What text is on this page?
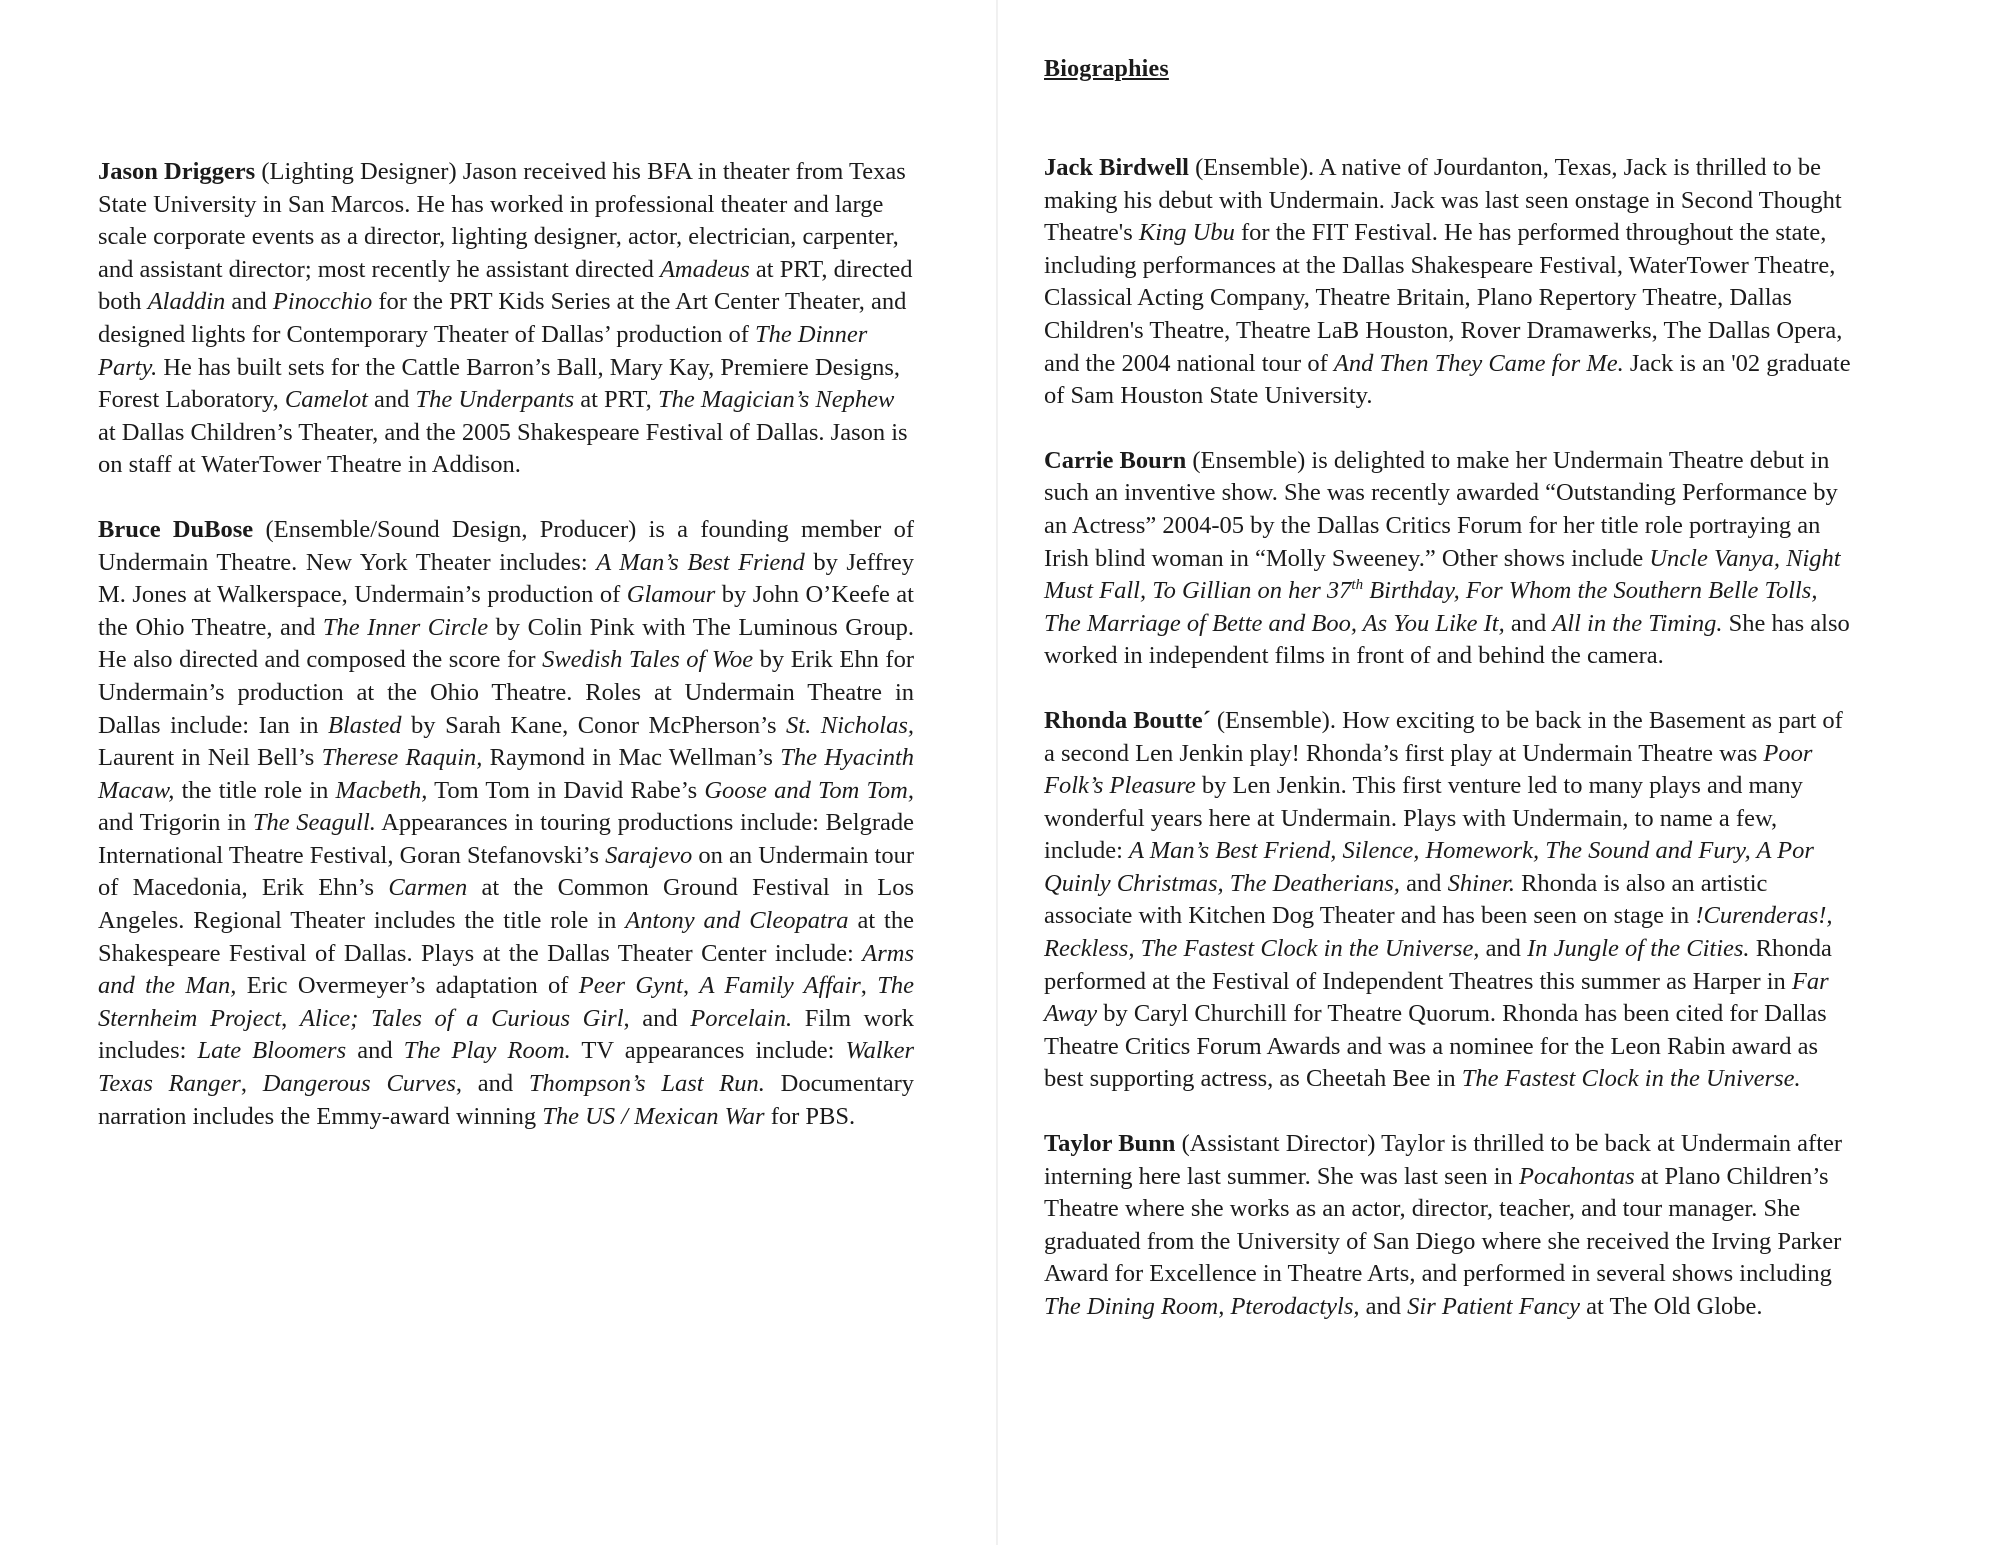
Biographies

Jason Driggers (Lighting Designer) Jason received his BFA in theater from Texas State University in San Marcos. He has worked in professional theater and large scale corporate events as a director, lighting designer, actor, electrician, carpenter, and assistant director; most recently he assistant directed Amadeus at PRT, directed both Aladdin and Pinocchio for the PRT Kids Series at the Art Center Theater, and designed lights for Contemporary Theater of Dallas’ production of The Dinner Party. He has built sets for the Cattle Barron’s Ball, Mary Kay, Premiere Designs, Forest Laboratory, Camelot and The Underpants at PRT, The Magician’s Nephew at Dallas Children’s Theater, and the 2005 Shakespeare Festival of Dallas. Jason is on staff at WaterTower Theatre in Addison.

Bruce DuBose (Ensemble/Sound Design, Producer) is a founding member of Undermain Theatre. New York Theater includes: A Man’s Best Friend by Jeffrey M. Jones at Walkerspace, Undermain’s production of Glamour by John O’Keefe at the Ohio Theatre, and The Inner Circle by Colin Pink with The Luminous Group. He also directed and composed the score for Swedish Tales of Woe by Erik Ehn for Undermain’s production at the Ohio Theatre. Roles at Undermain Theatre in Dallas include: Ian in Blasted by Sarah Kane, Conor McPherson’s St. Nicholas, Laurent in Neil Bell’s Therese Raquin, Raymond in Mac Wellman’s The Hyacinth Macaw, the title role in Macbeth, Tom Tom in David Rabe’s Goose and Tom Tom, and Trigorin in The Seagull. Appearances in touring productions include: Belgrade International Theatre Festival, Goran Stefanovski’s Sarajevo on an Undermain tour of Macedonia, Erik Ehn’s Carmen at the Common Ground Festival in Los Angeles. Regional Theater includes the title role in Antony and Cleopatra at the Shakespeare Festival of Dallas. Plays at the Dallas Theater Center include: Arms and the Man, Eric Overmeyer’s adaptation of Peer Gynt, A Family Affair, The Sternheim Project, Alice; Tales of a Curious Girl, and Porcelain. Film work includes: Late Bloomers and The Play Room. TV appearances include: Walker Texas Ranger, Dangerous Curves, and Thompson’s Last Run. Documentary narration includes the Emmy-award winning The US / Mexican War for PBS.

Jack Birdwell (Ensemble). A native of Jourdanton, Texas, Jack is thrilled to be making his debut with Undermain. Jack was last seen onstage in Second Thought Theatre's King Ubu for the FIT Festival. He has performed throughout the state, including performances at the Dallas Shakespeare Festival, WaterTower Theatre, Classical Acting Company, Theatre Britain, Plano Repertory Theatre, Dallas Children's Theatre, Theatre LaB Houston, Rover Dramawerks, The Dallas Opera, and the 2004 national tour of And Then They Came for Me. Jack is an '02 graduate of Sam Houston State University.

Carrie Bourn (Ensemble) is delighted to make her Undermain Theatre debut in such an inventive show. She was recently awarded “Outstanding Performance by an Actress” 2004-05 by the Dallas Critics Forum for her title role portraying an Irish blind woman in “Molly Sweeney.” Other shows include Uncle Vanya, Night Must Fall, To Gillian on her 37th Birthday, For Whom the Southern Belle Tolls, The Marriage of Bette and Boo, As You Like It, and All in the Timing. She has also worked in independent films in front of and behind the camera.

Rhonda Boutte´ (Ensemble). How exciting to be back in the Basement as part of a second Len Jenkin play! Rhonda’s first play at Undermain Theatre was Poor Folk’s Pleasure by Len Jenkin. This first venture led to many plays and many wonderful years here at Undermain. Plays with Undermain, to name a few, include: A Man’s Best Friend, Silence, Homework, The Sound and Fury, A Por Quinly Christmas, The Deatherians, and Shiner. Rhonda is also an artistic associate with Kitchen Dog Theater and has been seen on stage in !Curenderas!, Reckless, The Fastest Clock in the Universe, and In Jungle of the Cities. Rhonda performed at the Festival of Independent Theatres this summer as Harper in Far Away by Caryl Churchill for Theatre Quorum. Rhonda has been cited for Dallas Theatre Critics Forum Awards and was a nominee for the Leon Rabin award as best supporting actress, as Cheetah Bee in The Fastest Clock in the Universe.

Taylor Bunn (Assistant Director) Taylor is thrilled to be back at Undermain after interning here last summer. She was last seen in Pocahontas at Plano Children’s Theatre where she works as an actor, director, teacher, and tour manager. She graduated from the University of San Diego where she received the Irving Parker Award for Excellence in Theatre Arts, and performed in several shows including The Dining Room, Pterodactyls, and Sir Patient Fancy at The Old Globe.
